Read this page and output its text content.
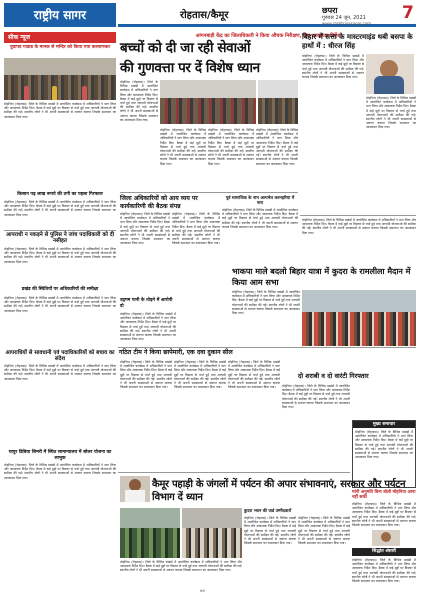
राष्ट्रीय सागर	रोहतास/कैमूर	छपरा
गुरुवार 24 जून, 2021
www.rashtriyasagar.com
7
सीक न्यूज
युवापद गाडाड के मानक से मन्दिर को किया गया कल्याणकर
मोहनिया (रोहतास)। जिले के विभिन्न प्रखंडों में आयोजित कार्यक्रम में अधिकारियों ने भाग लिया और आवश्यक निर्देश दिए। बैठक में कई मुद्दों पर विस्तार से चर्चा हुई तथा आगामी योजनाओं की समीक्षा की गई। स्थानीय लोगों ने भी अपनी समस्याओं से अवगत कराया जिसके समाधान का आश्वासन दिया गया।
किसान पढ़ लाख रूपये की ठगी का पहला गिरफ्तार
मोहनिया (रोहतास)। जिले के विभिन्न प्रखंडों में आयोजित कार्यक्रम में अधिकारियों ने भाग लिया और आवश्यक निर्देश दिए। बैठक में कई मुद्दों पर विस्तार से चर्चा हुई तथा आगामी योजनाओं की समीक्षा की गई। स्थानीय लोगों ने भी अपनी समस्याओं से अवगत कराया जिसके समाधान का आश्वासन दिया गया।
आपराधी न पकड़ने से पुलिस ने जांच पदाधिकारी को दी नसीहत
मोहनिया (रोहतास)। जिले के विभिन्न प्रखंडों में आयोजित कार्यक्रम में अधिकारियों ने भाग लिया और आवश्यक निर्देश दिए। बैठक में कई मुद्दों पर विस्तार से चर्चा हुई तथा आगामी योजनाओं की समीक्षा की गई। स्थानीय लोगों ने भी अपनी समस्याओं से अवगत कराया जिसके समाधान का आश्वासन दिया गया।
प्रखंड की स्थितियों पर अधिकारियों की समीक्षा
मोहनिया (रोहतास)। जिले के विभिन्न प्रखंडों में आयोजित कार्यक्रम में अधिकारियों ने भाग लिया और आवश्यक निर्देश दिए। बैठक में कई मुद्दों पर विस्तार से चर्चा हुई तथा आगामी योजनाओं की समीक्षा की गई। स्थानीय लोगों ने भी अपनी समस्याओं से अवगत कराया जिसके समाधान का आश्वासन दिया गया।
आपराधियों से सावधानी एवं पदाधिकारियों को बचाव का संदेश
मोहनिया (रोहतास)। जिले के विभिन्न प्रखंडों में आयोजित कार्यक्रम में अधिकारियों ने भाग लिया और आवश्यक निर्देश दिए। बैठक में कई मुद्दों पर विस्तार से चर्चा हुई तथा आगामी योजनाओं की समीक्षा की गई। स्थानीय लोगों ने भी अपनी समस्याओं से अवगत कराया जिसके समाधान का आश्वासन दिया गया।
चापुर डिबिया सिमरी में स्थित सामान्यालय में सोलर योजना का लाभुक
मोहनिया (रोहतास)। जिले के विभिन्न प्रखंडों में आयोजित कार्यक्रम में अधिकारियों ने भाग लिया और आवश्यक निर्देश दिए। बैठक में कई मुद्दों पर विस्तार से चर्चा हुई तथा आगामी योजनाओं की समीक्षा की गई। स्थानीय लोगों ने भी अपनी समस्याओं से अवगत कराया जिसके समाधान का आश्वासन दिया गया।
आंगनबाड़ी केंद्र का जिलाधिकारी ने किया औचक निरीक्षण, दिए आवश्यक निर्देश
बच्चों को दी जा रही सेवाओं
की गुणवत्ता पर दें विशेष ध्यान
मोहनिया (रोहतास)। जिले के विभिन्न प्रखंडों में आयोजित कार्यक्रम में अधिकारियों ने भाग लिया और आवश्यक निर्देश दिए। बैठक में कई मुद्दों पर विस्तार से चर्चा हुई तथा आगामी योजनाओं की समीक्षा की गई। स्थानीय लोगों ने भी अपनी समस्याओं से अवगत कराया जिसके समाधान का आश्वासन दिया गया।
मोहनिया (रोहतास)। जिले के विभिन्न प्रखंडों में आयोजित कार्यक्रम में अधिकारियों ने भाग लिया और आवश्यक निर्देश दिए। बैठक में कई मुद्दों पर विस्तार से चर्चा हुई तथा आगामी योजनाओं की समीक्षा की गई। स्थानीय लोगों ने भी अपनी समस्याओं से अवगत कराया जिसके समाधान का आश्वासन दिया गया।
मोहनिया (रोहतास)। जिले के विभिन्न प्रखंडों में आयोजित कार्यक्रम में अधिकारियों ने भाग लिया और आवश्यक निर्देश दिए। बैठक में कई मुद्दों पर विस्तार से चर्चा हुई तथा आगामी योजनाओं की समीक्षा की गई। स्थानीय लोगों ने भी अपनी समस्याओं से अवगत कराया जिसके समाधान का आश्वासन दिया गया।
मोहनिया (रोहतास)। जिले के विभिन्न प्रखंडों में आयोजित कार्यक्रम में अधिकारियों ने भाग लिया और आवश्यक निर्देश दिए। बैठक में कई मुद्दों पर विस्तार से चर्चा हुई तथा आगामी योजनाओं की समीक्षा की गई। स्थानीय लोगों ने भी अपनी समस्याओं से अवगत कराया जिसके समाधान का आश्वासन दिया गया।
बिहार में सत्ता के मास्टरमाइंड थबी बसपा के हाथों में : धीरज सिंह
मोहनिया (रोहतास)। जिले के विभिन्न प्रखंडों में आयोजित कार्यक्रम में अधिकारियों ने भाग लिया और आवश्यक निर्देश दिए। बैठक में कई मुद्दों पर विस्तार से चर्चा हुई तथा आगामी योजनाओं की समीक्षा की गई। स्थानीय लोगों ने भी अपनी समस्याओं से अवगत कराया जिसके समाधान का आश्वासन दिया गया।
मोहनिया (रोहतास)। जिले के विभिन्न प्रखंडों में आयोजित कार्यक्रम में अधिकारियों ने भाग लिया और आवश्यक निर्देश दिए। बैठक में कई मुद्दों पर विस्तार से चर्चा हुई तथा आगामी योजनाओं की समीक्षा की गई। स्थानीय लोगों ने भी अपनी समस्याओं से अवगत कराया जिसके समाधान का आश्वासन दिया गया।
जिला अधिकारियों को आय व्यय पर कार्यकारिणी की बैठक संपन्न
मोहनिया (रोहतास)। जिले के विभिन्न प्रखंडों में आयोजित कार्यक्रम में अधिकारियों ने भाग लिया और आवश्यक निर्देश दिए। बैठक में कई मुद्दों पर विस्तार से चर्चा हुई तथा आगामी योजनाओं की समीक्षा की गई। स्थानीय लोगों ने भी अपनी समस्याओं से अवगत कराया जिसके समाधान का आश्वासन दिया गया।
मोहनिया (रोहतास)। जिले के विभिन्न प्रखंडों में आयोजित कार्यक्रम में अधिकारियों ने भाग लिया और आवश्यक निर्देश दिए। बैठक में कई मुद्दों पर विस्तार से चर्चा हुई तथा आगामी योजनाओं की समीक्षा की गई। स्थानीय लोगों ने भी अपनी समस्याओं से अवगत कराया जिसके समाधान का आश्वासन दिया गया।
पूर्व सामाजिक के नाम अल्पमेल करनहरिया में नारा
मोहनिया (रोहतास)। जिले के विभिन्न प्रखंडों में आयोजित कार्यक्रम में अधिकारियों ने भाग लिया और आवश्यक निर्देश दिए। बैठक में कई मुद्दों पर विस्तार से चर्चा हुई तथा आगामी योजनाओं की समीक्षा की गई। स्थानीय लोगों ने भी अपनी समस्याओं से अवगत कराया जिसके समाधान का आश्वासन दिया गया।
मोहनिया (रोहतास)। जिले के विभिन्न प्रखंडों में आयोजित कार्यक्रम में अधिकारियों ने भाग लिया और आवश्यक निर्देश दिए। बैठक में कई मुद्दों पर विस्तार से चर्चा हुई तथा आगामी योजनाओं की समीक्षा की गई। स्थानीय लोगों ने भी अपनी समस्याओं से अवगत कराया जिसके समाधान का आश्वासन दिया गया।
भाकपा माले बदलो बिहार यात्रा में कुदरा के रामलीला मैदान में किया आम सभा
मोहनिया (रोहतास)। जिले के विभिन्न प्रखंडों में आयोजित कार्यक्रम में अधिकारियों ने भाग लिया और आवश्यक निर्देश दिए। बैठक में कई मुद्दों पर विस्तार से चर्चा हुई तथा आगामी योजनाओं की समीक्षा की गई। स्थानीय लोगों ने भी अपनी समस्याओं से अवगत कराया जिसके समाधान का आश्वासन दिया गया।
उद्गगम पानी के तोड़ने में आरोपी दो
मोहनिया (रोहतास)। जिले के विभिन्न प्रखंडों में आयोजित कार्यक्रम में अधिकारियों ने भाग लिया और आवश्यक निर्देश दिए। बैठक में कई मुद्दों पर विस्तार से चर्चा हुई तथा आगामी योजनाओं की समीक्षा की गई। स्थानीय लोगों ने भी अपनी समस्याओं से अवगत कराया जिसके समाधान का आश्वासन दिया गया।
गठित टीम ने किया छापेमारी, एक दवा दुकान सील
मोहनिया (रोहतास)। जिले के विभिन्न प्रखंडों में आयोजित कार्यक्रम में अधिकारियों ने भाग लिया और आवश्यक निर्देश दिए। बैठक में कई मुद्दों पर विस्तार से चर्चा हुई तथा आगामी योजनाओं की समीक्षा की गई। स्थानीय लोगों ने भी अपनी समस्याओं से अवगत कराया जिसके समाधान का आश्वासन दिया गया।
मोहनिया (रोहतास)। जिले के विभिन्न प्रखंडों में आयोजित कार्यक्रम में अधिकारियों ने भाग लिया और आवश्यक निर्देश दिए। बैठक में कई मुद्दों पर विस्तार से चर्चा हुई तथा आगामी योजनाओं की समीक्षा की गई। स्थानीय लोगों ने भी अपनी समस्याओं से अवगत कराया जिसके समाधान का आश्वासन दिया गया।
मोहनिया (रोहतास)। जिले के विभिन्न प्रखंडों में आयोजित कार्यक्रम में अधिकारियों ने भाग लिया और आवश्यक निर्देश दिए। बैठक में कई मुद्दों पर विस्तार से चर्चा हुई तथा आगामी योजनाओं की समीक्षा की गई। स्थानीय लोगों ने भी अपनी समस्याओं से अवगत कराया जिसके समाधान का आश्वासन दिया गया।
दो शराबी व दो वारंटी गिरफ्तार
मोहनिया (रोहतास)। जिले के विभिन्न प्रखंडों में आयोजित कार्यक्रम में अधिकारियों ने भाग लिया और आवश्यक निर्देश दिए। बैठक में कई मुद्दों पर विस्तार से चर्चा हुई तथा आगामी योजनाओं की समीक्षा की गई। स्थानीय लोगों ने भी अपनी समस्याओं से अवगत कराया जिसके समाधान का आश्वासन दिया गया।
मुख्य समाचार
मोहनिया (रोहतास)। जिले के विभिन्न प्रखंडों में आयोजित कार्यक्रम में अधिकारियों ने भाग लिया और आवश्यक निर्देश दिए। बैठक में कई मुद्दों पर विस्तार से चर्चा हुई तथा आगामी योजनाओं की समीक्षा की गई। स्थानीय लोगों ने भी अपनी समस्याओं से अवगत कराया जिसके समाधान का आश्वासन दिया गया।
मांगी अनुमति बिना बोली मोहनिया आना नहीं सकी
मोहनिया (रोहतास)। जिले के विभिन्न प्रखंडों में आयोजित कार्यक्रम में अधिकारियों ने भाग लिया और आवश्यक निर्देश दिए। बैठक में कई मुद्दों पर विस्तार से चर्चा हुई तथा आगामी योजनाओं की समीक्षा की गई। स्थानीय लोगों ने भी अपनी समस्याओं से अवगत कराया जिसके समाधान का आश्वासन दिया गया।
सिद्धांत अंसारी
मोहनिया (रोहतास)। जिले के विभिन्न प्रखंडों में आयोजित कार्यक्रम में अधिकारियों ने भाग लिया और आवश्यक निर्देश दिए। बैठक में कई मुद्दों पर विस्तार से चर्चा हुई तथा आगामी योजनाओं की समीक्षा की गई। स्थानीय लोगों ने भी अपनी समस्याओं से अवगत कराया जिसके समाधान का आश्वासन दिया गया।
कैमूर पहाड़ी के जंगलों में पर्यटन की अपार संभावनाएं, सरकार और पर्यटन विभाग दें ध्यान
मोहनिया (रोहतास)। जिले के विभिन्न प्रखंडों में आयोजित कार्यक्रम में अधिकारियों ने भाग लिया और आवश्यक निर्देश दिए। बैठक में कई मुद्दों पर विस्तार से चर्चा हुई तथा आगामी योजनाओं की समीक्षा की गई। स्थानीय लोगों ने भी अपनी समस्याओं से अवगत कराया जिसके समाधान का आश्वासन दिया गया।
कुदरा भवन की वार्ड उम्मीदवारों
मोहनिया (रोहतास)। जिले के विभिन्न प्रखंडों में आयोजित कार्यक्रम में अधिकारियों ने भाग लिया और आवश्यक निर्देश दिए। बैठक में कई मुद्दों पर विस्तार से चर्चा हुई तथा आगामी योजनाओं की समीक्षा की गई। स्थानीय लोगों ने भी अपनी समस्याओं से अवगत कराया जिसके समाधान का आश्वासन दिया गया।
मोहनिया (रोहतास)। जिले के विभिन्न प्रखंडों में आयोजित कार्यक्रम में अधिकारियों ने भाग लिया और आवश्यक निर्देश दिए। बैठक में कई मुद्दों पर विस्तार से चर्चा हुई तथा आगामी योजनाओं की समीक्षा की गई। स्थानीय लोगों ने भी अपनी समस्याओं से अवगत कराया जिसके समाधान का आश्वासन दिया गया।
क्रम
